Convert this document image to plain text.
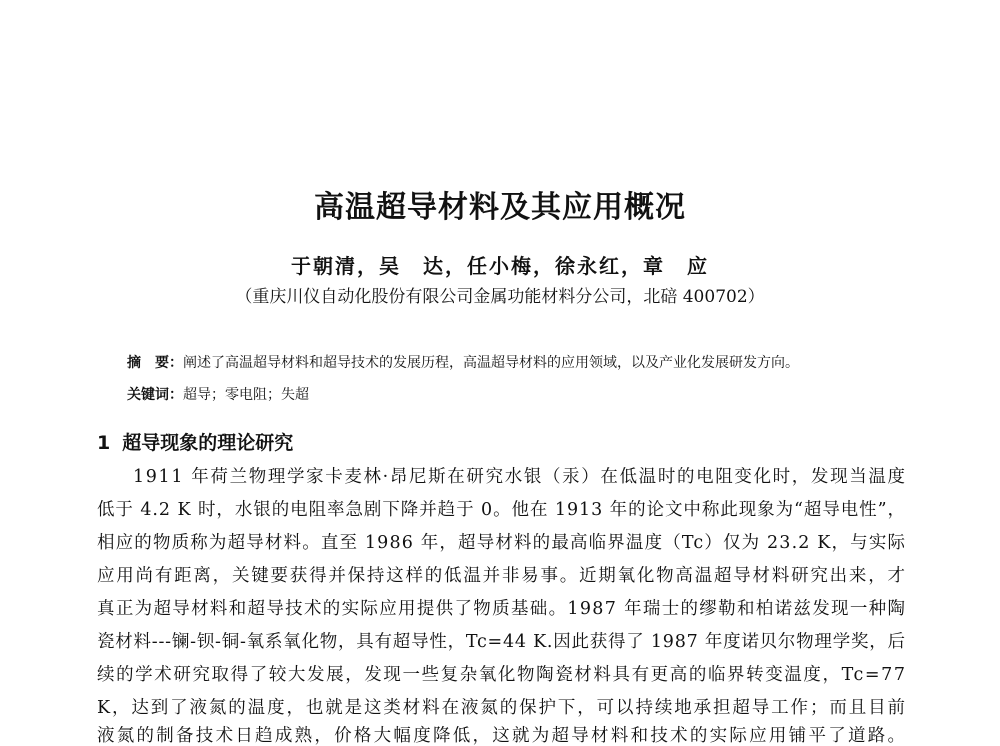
高温超导材料及其应用概况
于朝清，吴　达，任小梅，徐永红，章　应
（重庆川仪自动化股份有限公司金属功能材料分公司，北碚 400702）
摘　要：阐述了高温超导材料和超导技术的发展历程，高温超导材料的应用领域，以及产业化发展研发方向。
关键词：超导；零电阻；失超
1 超导现象的理论研究
1911 年荷兰物理学家卡麦林·昂尼斯在研究水银（汞）在低温时的电阻变化时，发现当温度
低于 4.2 K 时，水银的电阻率急剧下降并趋于 0。他在 1913 年的论文中称此现象为“超导电性”，
相应的物质称为超导材料。直至 1986 年，超导材料的最高临界温度（Tc）仅为 23.2 K，与实际
应用尚有距离，关键要获得并保持这样的低温并非易事。近期氧化物高温超导材料研究出来，才
真正为超导材料和超导技术的实际应用提供了物质基础。1987 年瑞士的缪勒和柏诺兹发现一种陶
瓷材料---镧-钡-铜-氧系氧化物，具有超导性，Tc=44 K.因此获得了 1987 年度诺贝尔物理学奖，后
续的学术研究取得了较大发展，发现一些复杂氧化物陶瓷材料具有更高的临界转变温度，Tc=77
K，达到了液氮的温度，也就是这类材料在液氮的保护下，可以持续地承担超导工作；而且目前
液氮的制备技术日趋成熟，价格大幅度降低，这就为超导材料和技术的实际应用铺平了道路。
